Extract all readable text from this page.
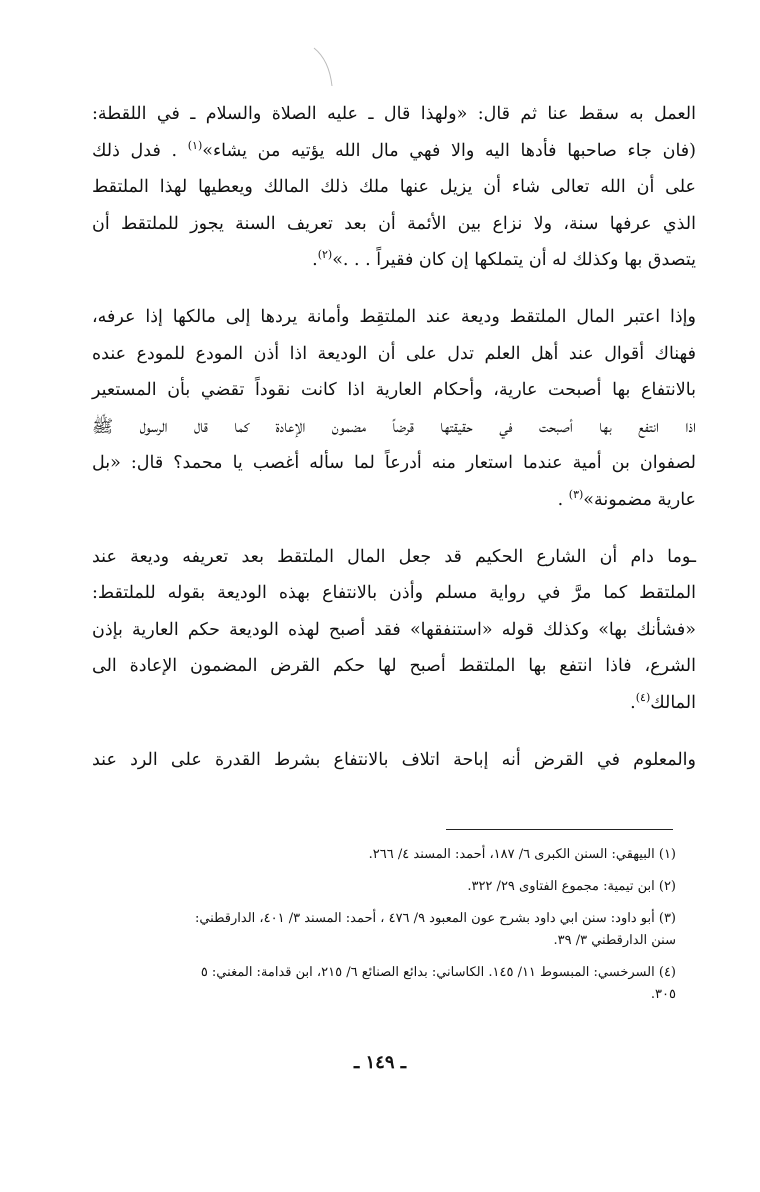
العمل به سقط عنا ثم قال: «ولهذا قال ـ عليه الصلاة والسلام ـ في اللقطة:
(فان جاء صاحبها فأدها اليه والا فهي مال الله يؤتيه من يشاء»$^{(١)}$ . فدل ذلك
على أن الله تعالى شاء أن يزيل عنها ملك ذلك المالك ويعطيها لهذا الملتقط
الذي عرفها سنة، ولا نزاع بين الأئمة أن بعد تعريف السنة يجوز للملتقط أن
يتصدق بها وكذلك له أن يتملكها إن كان فقيراً . . .»$^{(٢)}$.

وإذا اعتبر المال الملتقط وديعة عند الملتقِط وأمانة يردها إلى مالكها إذا عرفه،
فهناك أقوال عند أهل العلم تدل على أن الوديعة اذا أذن المودع للمودع عنده
بالانتفاع بها أصبحت عارية، وأحكام العارية اذا كانت نقوداً تقضي بأن المستعير
اذا انتفع بها أصبحت في حقيقتها قرضاً مضمون الإعادة كما قال الرسول ﷺ
لصفوان بن أمية عندما استعار منه أدرعاً لما سأله أغصب يا محمد؟ قال: «بل
عارية مضمونة»$^{(٣)}$ .

ـوما دام أن الشارع الحكيم قد جعل المال الملتقط بعد تعريفه وديعة عند
الملتقط كما مرَّ في رواية مسلم وأذن بالانتفاع بهذه الوديعة بقوله للملتقط:
«فشأنك بها» وكذلك قوله «استنفقها» فقد أصبح لهذه الوديعة حكم العارية بإذن
الشرع، فاذا انتفع بها الملتقط أصبح لها حكم القرض المضمون الإعادة الى
المالك$^{(٤)}$.

والمعلوم في القرض أنه إباحة اتلاف بالانتفاع بشرط القدرة على الرد عند

(١) البيهقي: السنن الكبرى ٦/ ١٨٧، أحمد: المسند ٤/ ٢٦٦.
(٢) ابن تيمية: مجموع الفتاوى ٢٩/ ٣٢٢.
(٣) أبو داود: سنن ابي داود بشرح عون المعبود ٩/ ٤٧٦ ، أحمد: المسند ٣/ ٤٠١، الدارقطني:
سنن الدارقطني ٣/ ٣٩.
(٤) السرخسي: المبسوط ١١/ ١٤٥. الكاساني: بدائع الصنائع ٦/ ٢١٥، ابن قدامة: المغني: ٥
٣٠٥.
ـ ١٤٩ ـ
